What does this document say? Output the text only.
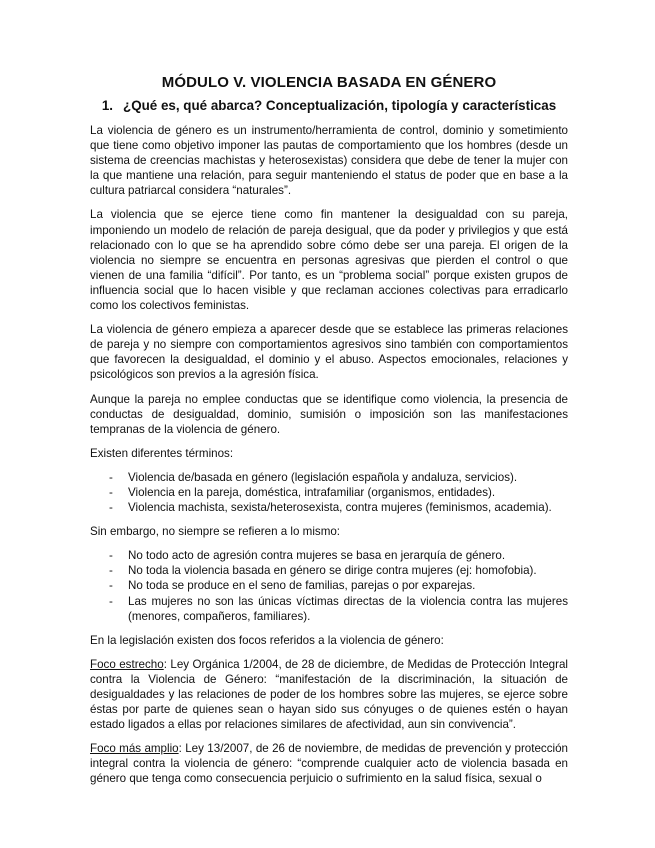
MÓDULO V. VIOLENCIA BASADA EN GÉNERO
1. ¿Qué es, qué abarca? Conceptualización, tipología y características

La violencia de género es un instrumento/herramienta de control, dominio y sometimiento que tiene como objetivo imponer las pautas de comportamiento que los hombres (desde un sistema de creencias machistas y heterosexistas) considera que debe de tener la mujer con la que mantiene una relación, para seguir manteniendo el status de poder que en base a la cultura patriarcal considera “naturales”.

La violencia que se ejerce tiene como fin mantener la desigualdad con su pareja, imponiendo un modelo de relación de pareja desigual, que da poder y privilegios y que está relacionado con lo que se ha aprendido sobre cómo debe ser una pareja. El origen de la violencia no siempre se encuentra en personas agresivas que pierden el control o que vienen de una familia “difícil”. Por tanto, es un “problema social” porque existen grupos de influencia social que lo hacen visible y que reclaman acciones colectivas para erradicarlo como los colectivos feministas.

La violencia de género empieza a aparecer desde que se establece las primeras relaciones de pareja y no siempre con comportamientos agresivos sino también con comportamientos que favorecen la desigualdad, el dominio y el abuso. Aspectos emocionales, relaciones y psicológicos son previos a la agresión física.

Aunque la pareja no emplee conductas que se identifique como violencia, la presencia de conductas de desigualdad, dominio, sumisión o imposición son las manifestaciones tempranas de la violencia de género.

Existen diferentes términos:

- Violencia de/basada en género (legislación española y andaluza, servicios).
- Violencia en la pareja, doméstica, intrafamiliar (organismos, entidades).
- Violencia machista, sexista/heterosexista, contra mujeres (feminismos, academia).

Sin embargo, no siempre se refieren a lo mismo:

- No todo acto de agresión contra mujeres se basa en jerarquía de género.
- No toda la violencia basada en género se dirige contra mujeres (ej: homofobia).
- No toda se produce en el seno de familias, parejas o por exparejas.
- Las mujeres no son las únicas víctimas directas de la violencia contra las mujeres (menores, compañeros, familiares).

En la legislación existen dos focos referidos a la violencia de género:

Foco estrecho: Ley Orgánica 1/2004, de 28 de diciembre, de Medidas de Protección Integral contra la Violencia de Género: “manifestación de la discriminación, la situación de desigualdades y las relaciones de poder de los hombres sobre las mujeres, se ejerce sobre éstas por parte de quienes sean o hayan sido sus cónyuges o de quienes estén o hayan estado ligados a ellas por relaciones similares de afectividad, aun sin convivencia”.

Foco más amplio: Ley 13/2007, de 26 de noviembre, de medidas de prevención y protección integral contra la violencia de género: “comprende cualquier acto de violencia basada en género que tenga como consecuencia perjuicio o sufrimiento en la salud física, sexual o
